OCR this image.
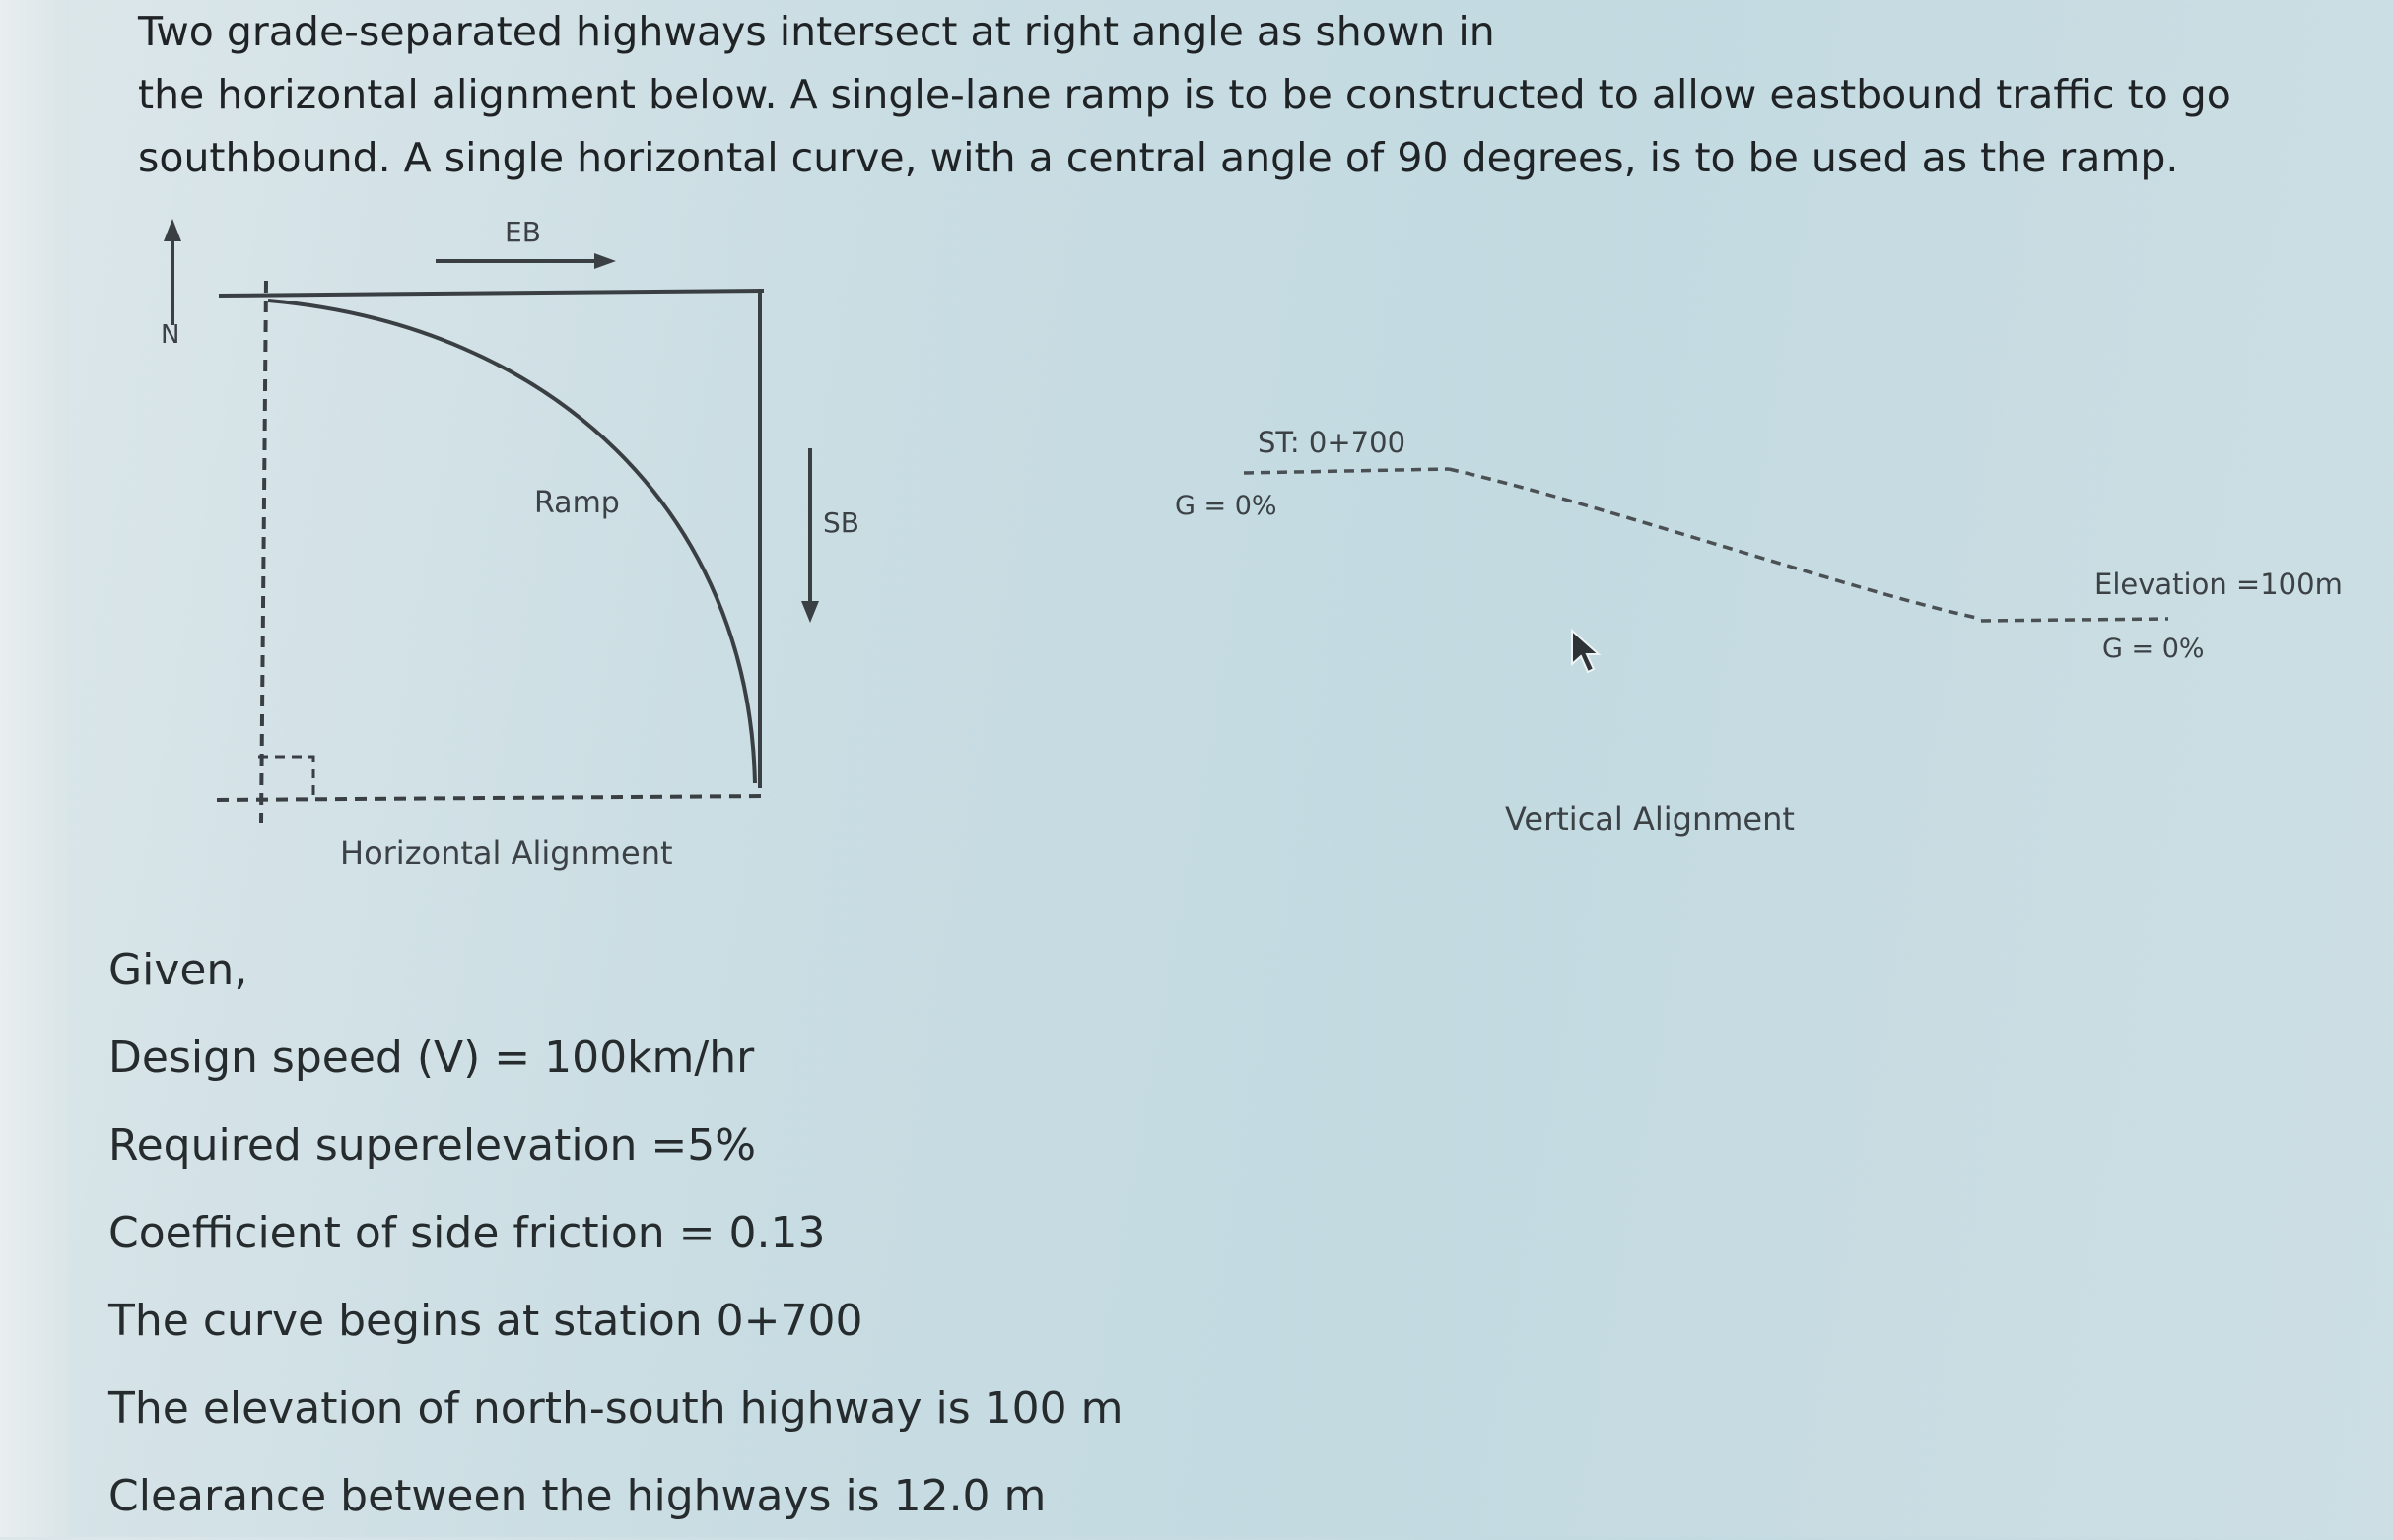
Two grade-separated highways intersect at right angle as shown in
the horizontal alignment below. A single-lane ramp is to be constructed to allow eastbound traffic to go
southbound. A single horizontal curve, with a central angle of 90 degrees, is to be used as the ramp.
N
EB
Ramp
SB
Horizontal Alignment
ST: 0+700
G = 0%
Elevation =100m
G = 0%
Vertical Alignment
Given,
Design speed (V) = 100km/hr
Required superelevation =5%
Coefficient of side friction = 0.13
The curve begins at station 0+700
The elevation of north-south highway is 100 m
Clearance between the highways is 12.0 m
